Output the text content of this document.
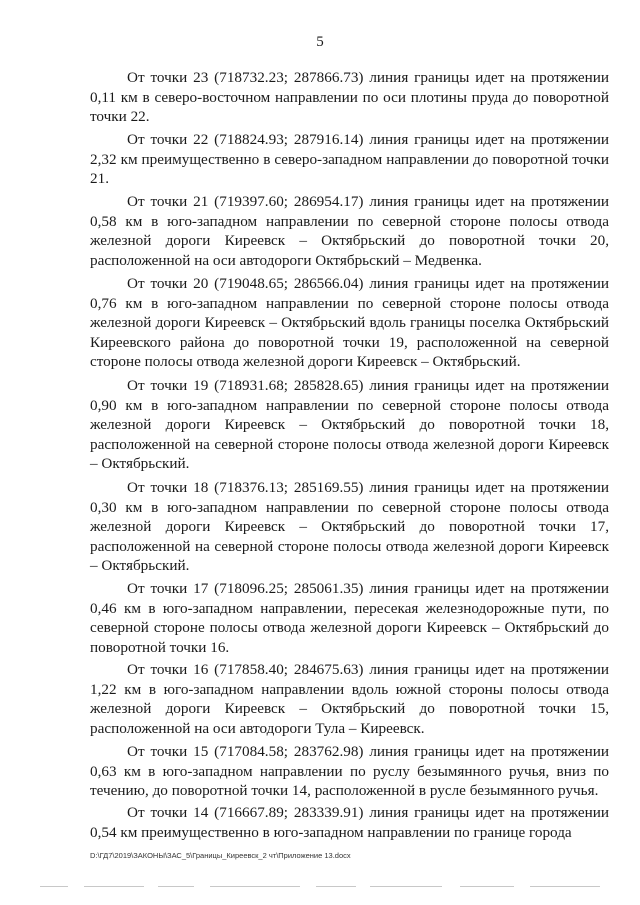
5

От точки 23 (718732.23; 287866.73) линия границы идет на протяжении 0,11 км в северо-восточном направлении по оси плотины пруда до поворотной точки 22.

От точки 22 (718824.93; 287916.14) линия границы идет на протяжении 2,32 км преимущественно в северо-западном направлении до поворотной точки 21.

От точки 21 (719397.60; 286954.17) линия границы идет на протяжении 0,58 км в юго-западном направлении по северной стороне полосы отвода железной дороги Киреевск – Октябрьский до поворотной точки 20, расположенной на оси автодороги Октябрьский – Медвенка.

От точки 20 (719048.65; 286566.04) линия границы идет на протяжении 0,76 км в юго-западном направлении по северной стороне полосы отвода железной дороги Киреевск – Октябрьский вдоль границы поселка Октябрьский Киреевского района до поворотной точки 19, расположенной на северной стороне полосы отвода железной дороги Киреевск – Октябрьский.

От точки 19 (718931.68; 285828.65) линия границы идет на протяжении 0,90 км в юго-западном направлении по северной стороне полосы отвода железной дороги Киреевск – Октябрьский до поворотной точки 18, расположенной на северной стороне полосы отвода железной дороги Киреевск – Октябрьский.

От точки 18 (718376.13; 285169.55) линия границы идет на протяжении 0,30 км в юго-западном направлении по северной стороне полосы отвода железной дороги Киреевск – Октябрьский до поворотной точки 17, расположенной на северной стороне полосы отвода железной дороги Киреевск – Октябрьский.

От точки 17 (718096.25; 285061.35) линия границы идет на протяжении 0,46 км в юго-западном направлении, пересекая железнодорожные пути, по северной стороне полосы отвода железной дороги Киреевск – Октябрьский до поворотной точки 16.

От точки 16 (717858.40; 284675.63) линия границы идет на протяжении 1,22 км в юго-западном направлении вдоль южной стороны полосы отвода железной дороги Киреевск – Октябрьский до поворотной точки 15, расположенной на оси автодороги Тула – Киреевск.

От точки 15 (717084.58; 283762.98) линия границы идет на протяжении 0,63 км в юго-западном направлении по руслу безымянного ручья, вниз по течению, до поворотной точки 14, расположенной в русле безымянного ручья.

От точки 14 (716667.89; 283339.91) линия границы идет на протяжении 0,54 км преимущественно в юго-западном направлении по границе города

D:\ГД7\2019\ЗАКОНЫ\ЗАС_5\Границы_Киреевск_2 чт\Приложение 13.docx
